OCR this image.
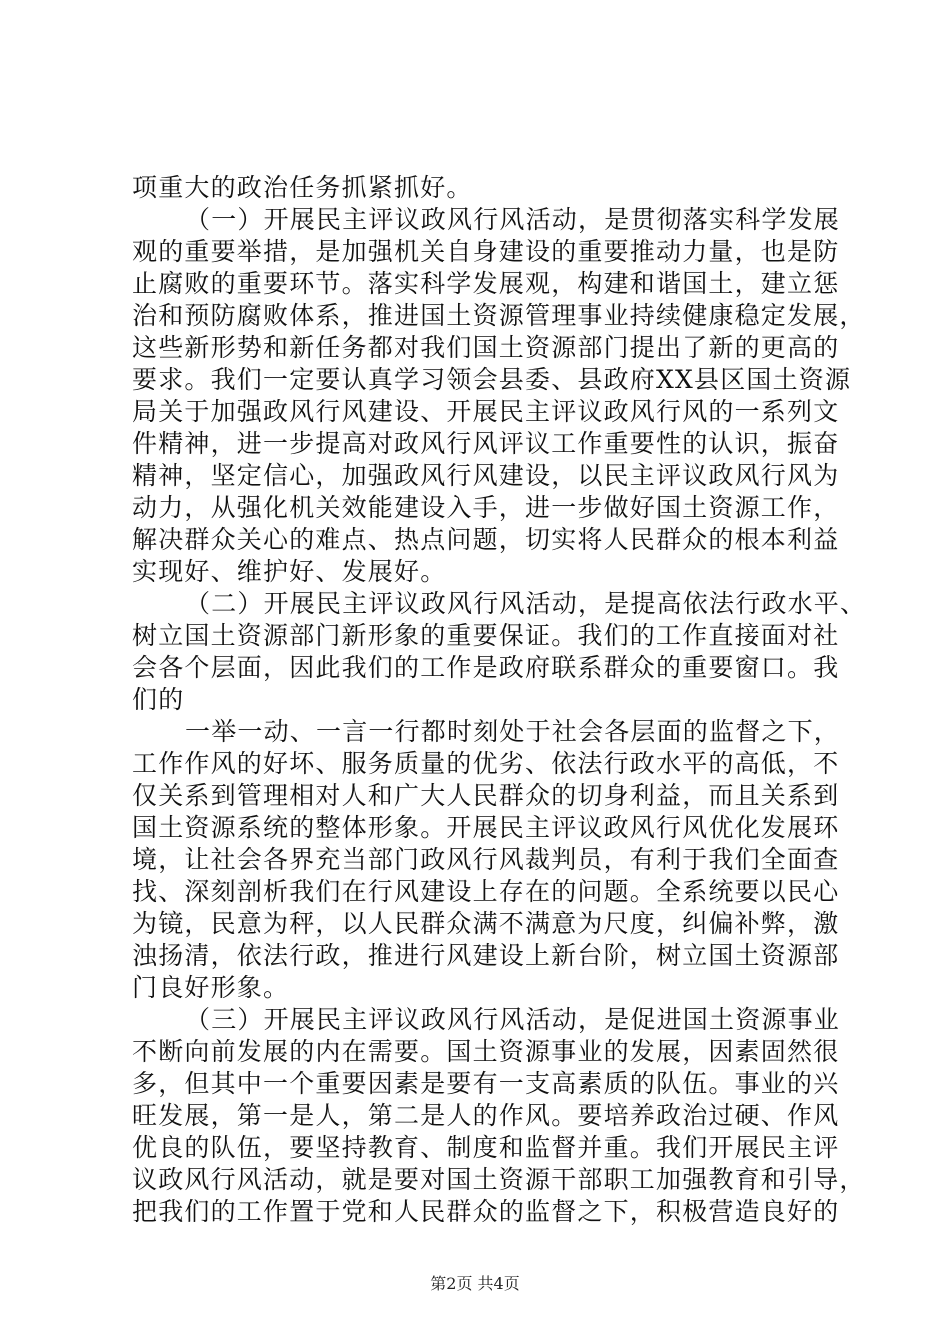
项重大的政治任务抓紧抓好。
（一）开展民主评议政风行风活动，是贯彻落实科学发展
观的重要举措，是加强机关自身建设的重要推动力量，也是防
止腐败的重要环节。落实科学发展观，构建和谐国土，建立惩
治和预防腐败体系，推进国土资源管理事业持续健康稳定发展，
这些新形势和新任务都对我们国土资源部门提出了新的更高的
要求。我们一定要认真学习领会县委、县政府XX县区国土资源
局关于加强政风行风建设、开展民主评议政风行风的一系列文
件精神，进一步提高对政风行风评议工作重要性的认识，振奋
精神，坚定信心，加强政风行风建设，以民主评议政风行风为
动力，从强化机关效能建设入手，进一步做好国土资源工作，
解决群众关心的难点、热点问题，切实将人民群众的根本利益
实现好、维护好、发展好。
（二）开展民主评议政风行风活动，是提高依法行政水平、
树立国土资源部门新形象的重要保证。我们的工作直接面对社
会各个层面，因此我们的工作是政府联系群众的重要窗口。我
们的
一举一动、一言一行都时刻处于社会各层面的监督之下，
工作作风的好坏、服务质量的优劣、依法行政水平的高低，不
仅关系到管理相对人和广大人民群众的切身利益，而且关系到
国土资源系统的整体形象。开展民主评议政风行风优化发展环
境，让社会各界充当部门政风行风裁判员，有利于我们全面查
找、深刻剖析我们在行风建设上存在的问题。全系统要以民心
为镜，民意为秤，以人民群众满不满意为尺度，纠偏补弊，激
浊扬清，依法行政，推进行风建设上新台阶，树立国土资源部
门良好形象。
（三）开展民主评议政风行风活动，是促进国土资源事业
不断向前发展的内在需要。国土资源事业的发展，因素固然很
多，但其中一个重要因素是要有一支高素质的队伍。事业的兴
旺发展，第一是人，第二是人的作风。要培养政治过硬、作风
优良的队伍，要坚持教育、制度和监督并重。我们开展民主评
议政风行风活动，就是要对国土资源干部职工加强教育和引导，
把我们的工作置于党和人民群众的监督之下，积极营造良好的
第2页 共4页
